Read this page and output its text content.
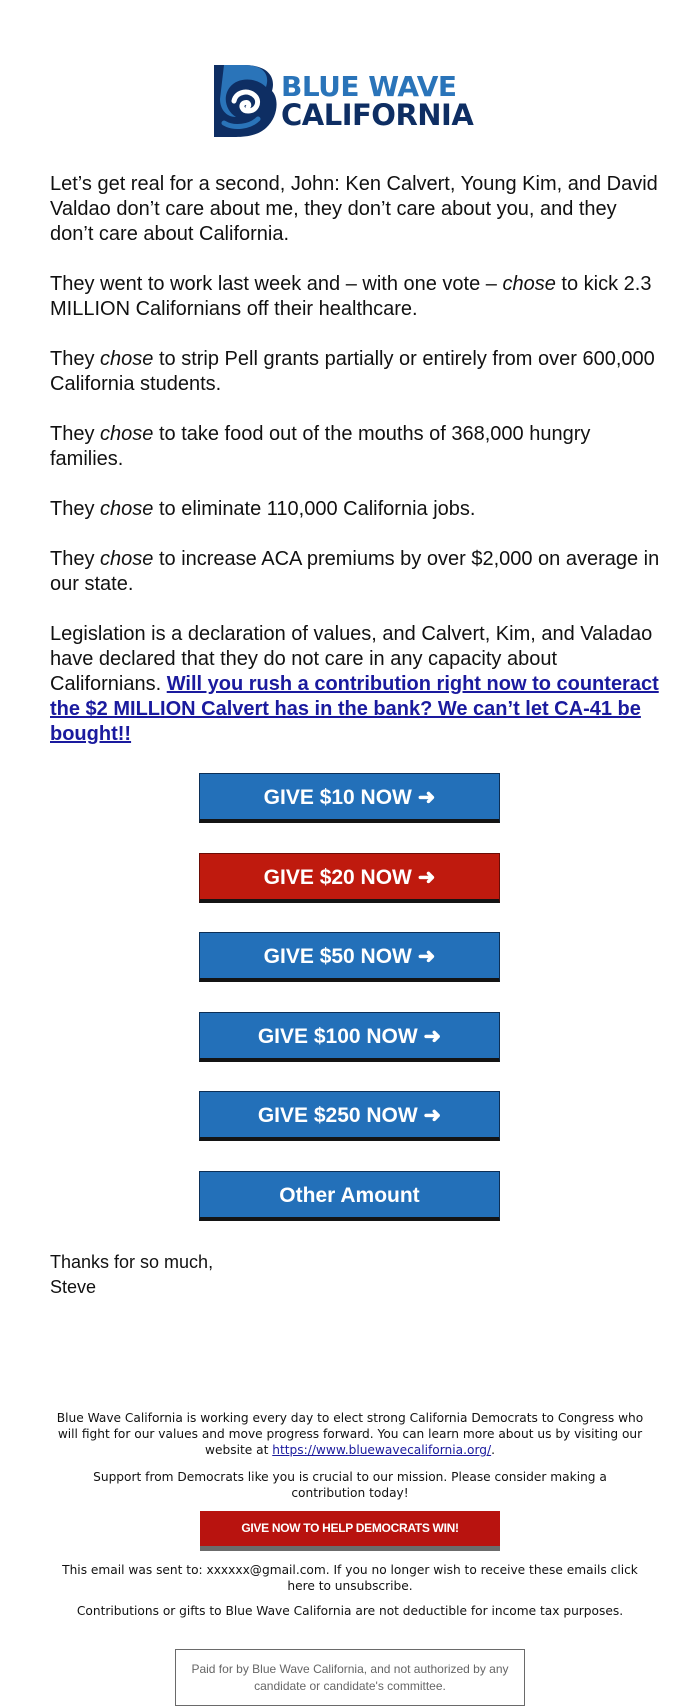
BLUE WAVE
CALIFORNIA

Let’s get real for a second, John: Ken Calvert, Young Kim, and David Valdao don’t care about me, they don’t care about you, and they don’t care about California.

They went to work last week and – with one vote – chose to kick 2.3 MILLION Californians off their healthcare.

They chose to strip Pell grants partially or entirely from over 600,000 California students.

They chose to take food out of the mouths of 368,000 hungry families.

They chose to eliminate 110,000 California jobs.

They chose to increase ACA premiums by over $2,000 on average in our state.

Legislation is a declaration of values, and Calvert, Kim, and Valadao have declared that they do not care in any capacity about Californians. Will you rush a contribution right now to counteract the $2 MILLION Calvert has in the bank? We can’t let CA-41 be bought!!

GIVE $10 NOW ➜
GIVE $20 NOW ➜
GIVE $50 NOW ➜
GIVE $100 NOW ➜
GIVE $250 NOW ➜
Other Amount
Thanks for so much,
Steve

Blue Wave California is working every day to elect strong California Democrats to Congress who will fight for our values and move progress forward. You can learn more about us by visiting our website at https://www.bluewavecalifornia.org/.

Support from Democrats like you is crucial to our mission. Please consider making a contribution today!

GIVE NOW TO HELP DEMOCRATS WIN!

This email was sent to: xxxxxx@gmail.com. If you no longer wish to receive these emails click here to unsubscribe.

Contributions or gifts to Blue Wave California are not deductible for income tax purposes.

Paid for by Blue Wave California, and not authorized by any candidate or candidate's committee.
